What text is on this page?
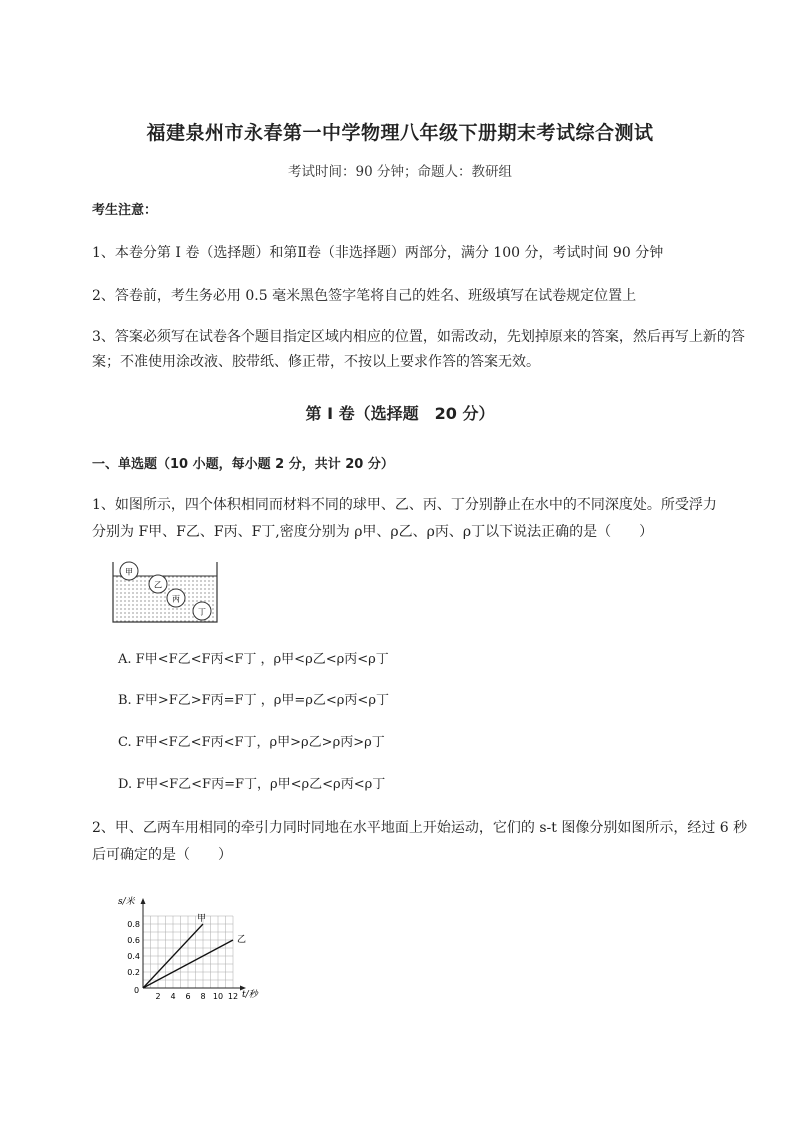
福建泉州市永春第一中学物理八年级下册期末考试综合测试
考试时间：90 分钟；命题人：教研组
考生注意：
1、本卷分第 I 卷（选择题）和第Ⅱ卷（非选择题）两部分，满分 100 分，考试时间 90 分钟
2、答卷前，考生务必用 0.5 毫米黑色签字笔将自己的姓名、班级填写在试卷规定位置上
3、答案必须写在试卷各个题目指定区域内相应的位置，如需改动，先划掉原来的答案，然后再写上新的答案；不准使用涂改液、胶带纸、修正带，不按以上要求作答的答案无效。
第 I 卷（选择题　20 分）
一、单选题（10 小题，每小题 2 分，共计 20 分）
1、如图所示，四个体积相同而材料不同的球甲、乙、丙、丁分别静止在水中的不同深度处。所受浮力
分别为 F甲、F乙、F丙、F丁,密度分别为 ρ甲、ρ乙、ρ丙、ρ丁以下说法正确的是（　　）
甲
乙
丙
丁
A. F甲<F乙<F丙<F丁 ，ρ甲<ρ乙<ρ丙<ρ丁
B. F甲>F乙>F丙=F丁 ，ρ甲=ρ乙<ρ丙<ρ丁
C. F甲<F乙<F丙<F丁，ρ甲>ρ乙>ρ丙>ρ丁
D. F甲<F乙<F丙=F丁，ρ甲<ρ乙<ρ丙<ρ丁
2、甲、乙两车用相同的牵引力同时同地在水平地面上开始运动，它们的 s-t 图像分别如图所示，经过 6 秒后可确定的是（　　）
s/米
t/秒
0
0.8
0.6
0.4
0.2
2 4 6 8 10 12
甲
乙
